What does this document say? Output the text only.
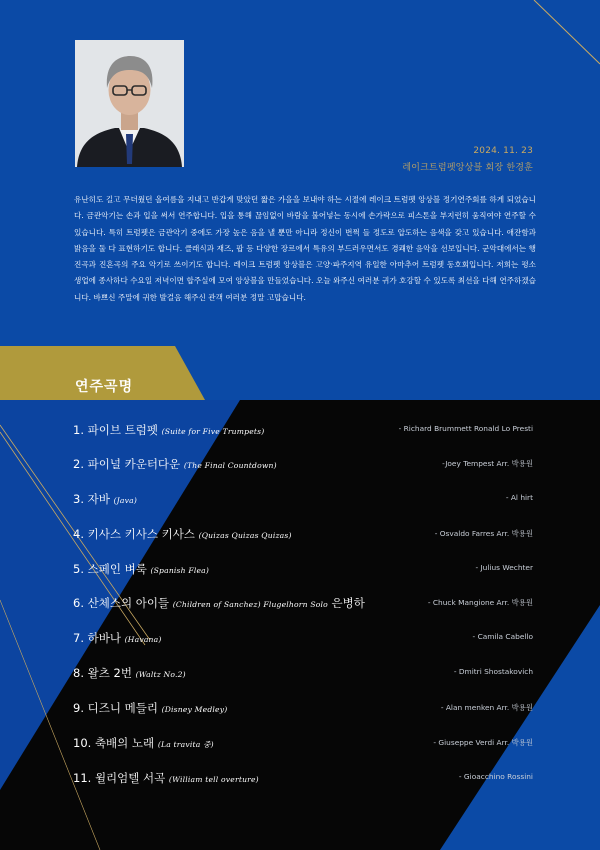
2024. 11. 23
레이크트럼펫앙상블 회장 한경훈

유난히도 길고 무더웠던 올여름을 지내고 반갑게 맞았던 짧은 가을을 보내야 하는 시절에 레이크 트럼펫 앙상블 정기연주회를 하게 되었습니다. 금관악기는 손과 입을 써서 연주합니다. 입을 통해 끊임없이 바람을 불어넣는 동시에 손가락으로 피스톤을 부지런히 움직여야 연주할 수 있습니다. 특히 트럼펫은 금관악기 중에도 가장 높은 음을 낼 뿐만 아니라 정신이 번쩍 들 정도로 압도하는 음색을 갖고 있습니다. 애잔함과 밝음을 둘 다 표현하기도 합니다. 클래식과 재즈, 팝 등 다양한 장르에서 특유의 부드러우면서도 경쾌한 음악을 선보입니다. 군악대에서는 행진곡과 진혼곡의 주요 악기로 쓰이기도 합니다. 레이크 트럼펫 앙상블은 고양·파주지역 유일한 아마추어 트럼펫 동호회입니다. 저희는 평소 생업에 종사하다 수요일 저녁이면 합주실에 모여 앙상블을 만들었습니다. 오늘 와주신 여러분 귀가 호강할 수 있도록 최선을 다해 연주하겠습니다. 바쁘신 주말에 귀한 발걸음 해주신 관객 여러분 정말 고맙습니다.

연주곡명
1. 파이브 트럼펫 (Suite for Five Trumpets)	- Richard Brummett Ronald Lo Presti
2. 파이널 카운터다운 (The Final Countdown)	-Joey Tempest Arr. 박용원
3. 자바 (Java)	- Al hirt
4. 키사스 키사스 키사스 (Quizas Quizas Quizas)	- Osvaldo Farres Arr. 박용원
5. 스페인 벼룩 (Spanish Flea)	- Julius Wechter
6. 산체스의 아이들 (Children of Sanchez) Flugelhorn Solo 은병하	- Chuck Mangione Arr. 박용원
7. 하바나 (Havana)	- Camila Cabello
8. 왈츠 2번 (Waltz No.2)	- Dmitri Shostakovich
9. 디즈니 메들리 (Disney Medley)	- Alan menken Arr. 박용원
10. 축배의 노래 (La travita 중)	- Giuseppe Verdi Arr. 박용원
11. 윌리엄텔 서곡 (William tell overture)	- Gioacchino Rossini
